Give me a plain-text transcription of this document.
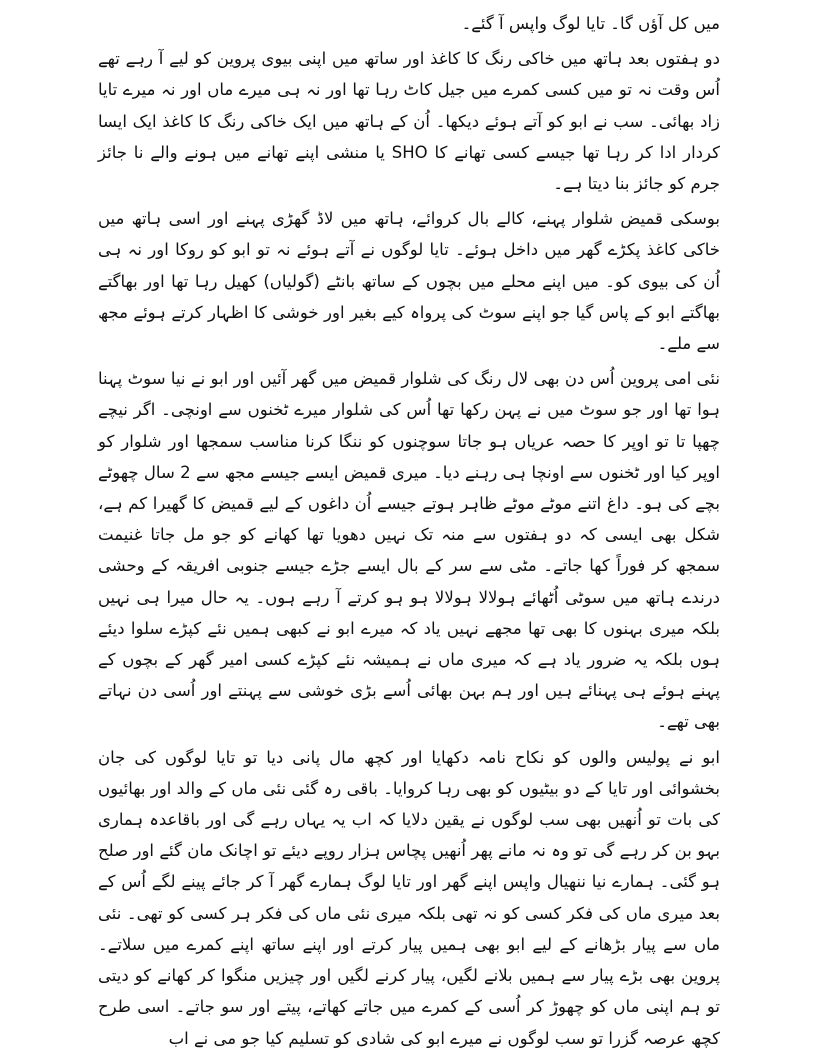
میں کل آؤں گا۔ تایا لوگ واپس آ گئے۔

دو ہفتوں بعد ہاتھ میں خاکی رنگ کا کاغذ اور ساتھ میں اپنی بیوی پروین کو لیے آ رہے تھے اُس وقت نہ تو میں کسی کمرے میں جیل کاٹ رہا تھا اور نہ ہی میرے ماں اور نہ میرے تایا زاد بھائی۔ سب نے ابو کو آتے ہوئے دیکھا۔ اُن کے ہاتھ میں ایک خاکی رنگ کا کاغذ ایک ایسا کردار ادا کر رہا تھا جیسے کسی تھانے کا SHO یا منشی اپنے تھانے میں ہونے والے نا جائز جرم کو جائز بنا دیتا ہے۔

بوسکی قمیض شلوار پہنے، کالے بال کروائے، ہاتھ میں لاڈ گھڑی پہنے اور اسی ہاتھ میں خاکی کاغذ پکڑے گھر میں داخل ہوئے۔ تایا لوگوں نے آتے ہوئے نہ تو ابو کو روکا اور نہ ہی اُن کی بیوی کو۔ میں اپنے محلے میں بچوں کے ساتھ بانٹے (گولیاں) کھیل رہا تھا اور بھاگتے بھاگتے ابو کے پاس گیا جو اپنے سوٹ کی پرواہ کیے بغیر اور خوشی کا اظہار کرتے ہوئے مجھ سے ملے۔

نئی امی پروین اُس دن بھی لال رنگ کی شلوار قمیض میں گھر آئیں اور ابو نے نیا سوٹ پہنا ہوا تھا اور جو سوٹ میں نے پہن رکھا تھا اُس کی شلوار میرے ٹخنوں سے اونچی۔ اگر نیچے چھپا تا تو اوپر کا حصہ عریاں ہو جاتا سوچنوں کو ننگا کرنا مناسب سمجھا اور شلوار کو اوپر کیا اور ٹخنوں سے اونچا ہی رہنے دیا۔ میری قمیض ایسے جیسے مجھ سے 2 سال چھوٹے بچے کی ہو۔ داغ اتنے موٹے موٹے ظاہر ہوتے جیسے اُن داغوں کے لیے قمیض کا گھیرا کم ہے، شکل بھی ایسی کہ دو ہفتوں سے منہ تک نہیں دھویا تھا کھانے کو جو مل جاتا غنیمت سمجھ کر فوراً کھا جاتے۔ مٹی سے سر کے بال ایسے جڑے جیسے جنوبی افریقہ کے وحشی درندے ہاتھ میں سوٹی اُٹھائے ہولالا ہولالا ہو ہو کرتے آ رہے ہوں۔ یہ حال میرا ہی نہیں بلکہ میری بہنوں کا بھی تھا مجھے نہیں یاد کہ میرے ابو نے کبھی ہمیں نئے کپڑے سلوا دیئے ہوں بلکہ یہ ضرور یاد ہے کہ میری ماں نے ہمیشہ نئے کپڑے کسی امیر گھر کے بچوں کے پہنے ہوئے ہی پہنائے ہیں اور ہم بہن بھائی اُسے بڑی خوشی سے پہنتے اور اُسی دن نہاتے بھی تھے۔

ابو نے پولیس والوں کو نکاح نامہ دکھایا اور کچھ مال پانی دیا تو تایا لوگوں کی جان بخشوائی اور تایا کے دو بیٹیوں کو بھی رہا کروایا۔ باقی رہ گئی نئی ماں کے والد اور بھائیوں کی بات تو اُنھیں بھی سب لوگوں نے یقین دلایا کہ اب یہ یہاں رہے گی اور باقاعدہ ہماری بہو بن کر رہے گی تو وہ نہ مانے پھر اُنھیں پچاس ہزار روپے دیئے تو اچانک مان گئے اور صلح ہو گئی۔ ہمارے نیا ننھیال واپس اپنے گھر اور تایا لوگ ہمارے گھر آ کر جائے پینے لگے اُس کے بعد میری ماں کی فکر کسی کو نہ تھی بلکہ میری نئی ماں کی فکر ہر کسی کو تھی۔ نئی ماں سے پیار بڑھانے کے لیے ابو بھی ہمیں پیار کرتے اور اپنے ساتھ اپنے کمرے میں سلاتے۔ پروین بھی بڑے پیار سے ہمیں بلانے لگیں، پیار کرنے لگیں اور چیزیں منگوا کر کھانے کو دیتی تو ہم اپنی ماں کو چھوڑ کر اُسی کے کمرے میں جاتے کھاتے، پیتے اور سو جاتے۔ اسی طرح کچھ عرصہ گزرا تو سب لوگوں نے میرے ابو کی شادی کو تسلیم کیا جو می نے اب
